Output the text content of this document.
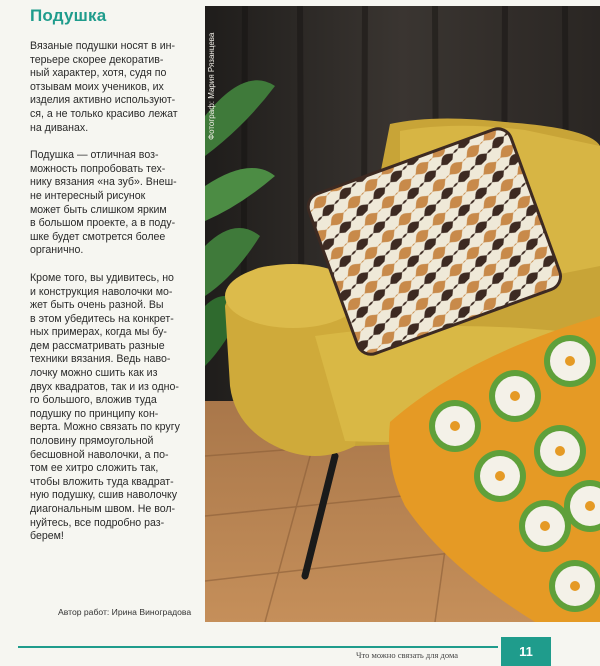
Подушка

Вязаные подушки носят в ин-
терьере скорее декоратив-
ный характер, хотя, судя по
отзывам моих учеников, их
изделия активно используют-
ся, а не только красиво лежат
на диванах.

Подушка — отличная воз-
можность попробовать тех-
нику вязания «на зуб». Внеш-
не интересный рисунок
может быть слишком ярким
в большом проекте, а в поду-
шке будет смотрется более
органично.

Кроме того, вы удивитесь, но
и конструкция наволочки мо-
жет быть очень разной. Вы
в этом убедитесь на конкрет-
ных примерах, когда мы бу-
дем рассматривать разные
техники вязания. Ведь наво-
лочку можно сшить как из
двух квадратов, так и из одно-
го большого, вложив туда
подушку по принципу кон-
верта. Можно связать по кругу
половину прямоугольной
бесшовной наволочки, а по-
том ее хитро сложить так,
чтобы вложить туда квадрат-
ную подушку, сшив наволочку
диагональным швом. Не вол-
нуйтесь, все подробно раз-
берем!

Автор работ: Ирина Виноградова
Фотограф: Мария Рязанцева
Что можно связать для дома	11
